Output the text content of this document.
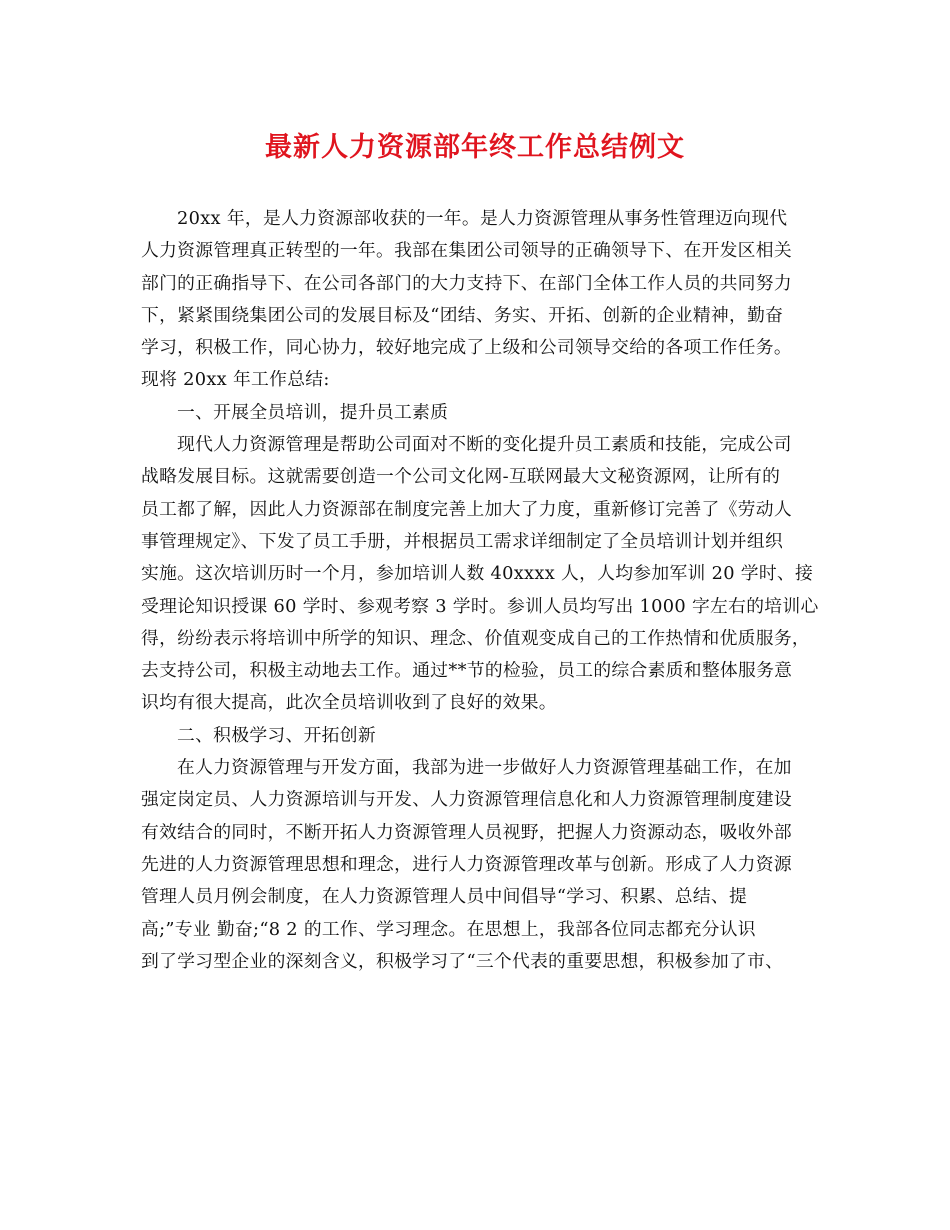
最新人力资源部年终工作总结例文
20xx 年，是人力资源部收获的一年。是人力资源管理从事务性管理迈向现代
人力资源管理真正转型的一年。我部在集团公司领导的正确领导下、在开发区相关
部门的正确指导下、在公司各部门的大力支持下、在部门全体工作人员的共同努力
下，紧紧围绕集团公司的发展目标及“团结、务实、开拓、创新的企业精神，勤奋
学习，积极工作，同心协力，较好地完成了上级和公司领导交给的各项工作任务。
现将 20xx 年工作总结:
一、开展全员培训，提升员工素质
现代人力资源管理是帮助公司面对不断的变化提升员工素质和技能，完成公司
战略发展目标。这就需要创造一个公司文化网-互联网最大文秘资源网，让所有的
员工都了解，因此人力资源部在制度完善上加大了力度，重新修订完善了《劳动人
事管理规定》、下发了员工手册，并根据员工需求详细制定了全员培训计划并组织
实施。这次培训历时一个月，参加培训人数 40xxxx 人，人均参加军训 20 学时、接
受理论知识授课 60 学时、参观考察 3 学时。参训人员均写出 1000 字左右的培训心
得，纷纷表示将培训中所学的知识、理念、价值观变成自己的工作热情和优质服务，
去支持公司，积极主动地去工作。通过**节的检验，员工的综合素质和整体服务意
识均有很大提高，此次全员培训收到了良好的效果。
二、积极学习、开拓创新
在人力资源管理与开发方面，我部为进一步做好人力资源管理基础工作，在加
强定岗定员、人力资源培训与开发、人力资源管理信息化和人力资源管理制度建设
有效结合的同时，不断开拓人力资源管理人员视野，把握人力资源动态，吸收外部
先进的人力资源管理思想和理念，进行人力资源管理改革与创新。形成了人力资源
管理人员月例会制度，在人力资源管理人员中间倡导“学习、积累、总结、提
高;”专业 勤奋;“8 2 的工作、学习理念。在思想上，我部各位同志都充分认识
到了学习型企业的深刻含义，积极学习了“三个代表的重要思想，积极参加了市、
